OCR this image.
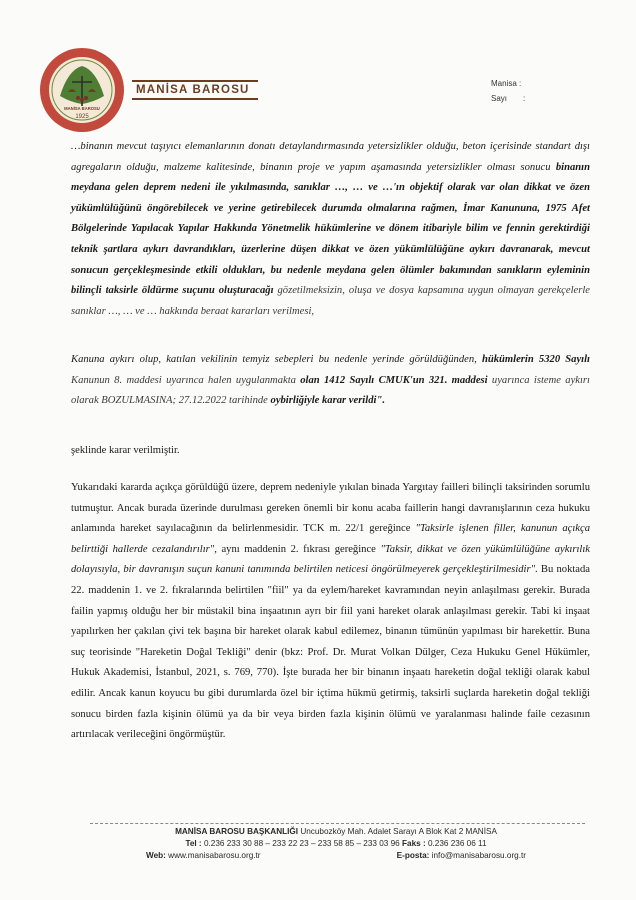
1925
MANİSA BAROSU
MANİSA BAROSU
Manisa :
Sayı	:

…binanın mevcut taşıyıcı elemanlarının donatı detaylandırmasında yetersizlikler olduğu, beton içerisinde standart dışı agregaların olduğu, malzeme kalitesinde, binanın proje ve yapım aşamasında yetersizlikler olması sonucu binanın meydana gelen deprem nedeni ile yıkılmasında, sanıklar …, … ve …'ın objektif olarak var olan dikkat ve özen yükümlülüğünü öngörebilecek ve yerine getirebilecek durumda olmalarına rağmen, İmar Kanununa, 1975 Afet Bölgelerinde Yapılacak Yapılar Hakkında Yönetmelik hükümlerine ve dönem itibariyle bilim ve fennin gerektirdiği teknik şartlara aykırı davrandıkları, üzerlerine düşen dikkat ve özen yükümlülüğüne aykırı davranarak, mevcut sonucun gerçekleşmesinde etkili oldukları, bu nedenle meydana gelen ölümler bakımından sanıkların eyleminin bilinçli taksirle öldürme suçunu oluşturacağı gözetilmeksizin, oluşa ve dosya kapsamına uygun olmayan gerekçelerle sanıklar …, … ve … hakkında beraat kararları verilmesi,

Kanuna aykırı olup, katılan vekilinin temyiz sebepleri bu nedenle yerinde görüldüğünden, hükümlerin 5320 Sayılı Kanunun 8. maddesi uyarınca halen uygulanmakta olan 1412 Sayılı CMUK'un 321. maddesi uyarınca isteme aykırı olarak BOZULMASINA; 27.12.2022 tarihinde oybirliğiyle karar verildi".

şeklinde karar verilmiştir.

Yukarıdaki kararda açıkça görüldüğü üzere, deprem nedeniyle yıkılan binada Yargıtay failleri bilinçli taksirinden sorumlu tutmuştur. Ancak burada üzerinde durulması gereken önemli bir konu acaba faillerin hangi davranışlarının ceza hukuku anlamında hareket sayılacağının da belirlenmesidir. TCK m. 22/1 gereğince "Taksirle işlenen filler, kanunun açıkça belirttiği hallerde cezalandırılır", aynı maddenin 2. fıkrası gereğince "Taksir, dikkat ve özen yükümlülüğüne aykırılık dolayısıyla, bir davranışın suçun kanuni tanımında belirtilen neticesi öngörülmeyerek gerçekleştirilmesidir". Bu noktada 22. maddenin 1. ve 2. fıkralarında belirtilen "fiil" ya da eylem/hareket kavramından neyin anlaşılması gerekir. Burada failin yapmış olduğu her bir müstakil bina inşaatının ayrı bir fiil yani hareket olarak anlaşılması gerekir. Tabi ki inşaat yapılırken her çakılan çivi tek başına bir hareket olarak kabul edilemez, binanın tümünün yapılması bir harekettir. Buna suç teorisinde "Hareketin Doğal Tekliği" denir (bkz: Prof. Dr. Murat Volkan Dülger, Ceza Hukuku Genel Hükümler, Hukuk Akademisi, İstanbul, 2021, s. 769, 770). İşte burada her bir binanın inşaatı hareketin doğal tekliği olarak kabul edilir. Ancak kanun koyucu bu gibi durumlarda özel bir içtima hükmü getirmiş, taksirli suçlarda hareketin doğal tekliği sonucu birden fazla kişinin ölümü ya da bir veya birden fazla kişinin ölümü ve yaralanması halinde faile cezasının artırılacak verileceğini öngörmüştür.

MANİSA BAROSU BAŞKANLIĞI Uncubozköy Mah. Adalet Sarayı A Blok Kat 2 MANİSA
Tel : 0.236 233 30 88 – 233 22 23 – 233 58 85 – 233 03 96 Faks : 0.236 236 06 11
Web: www.manisabarosu.org.tr	E-posta: info@manisabarosu.org.tr
